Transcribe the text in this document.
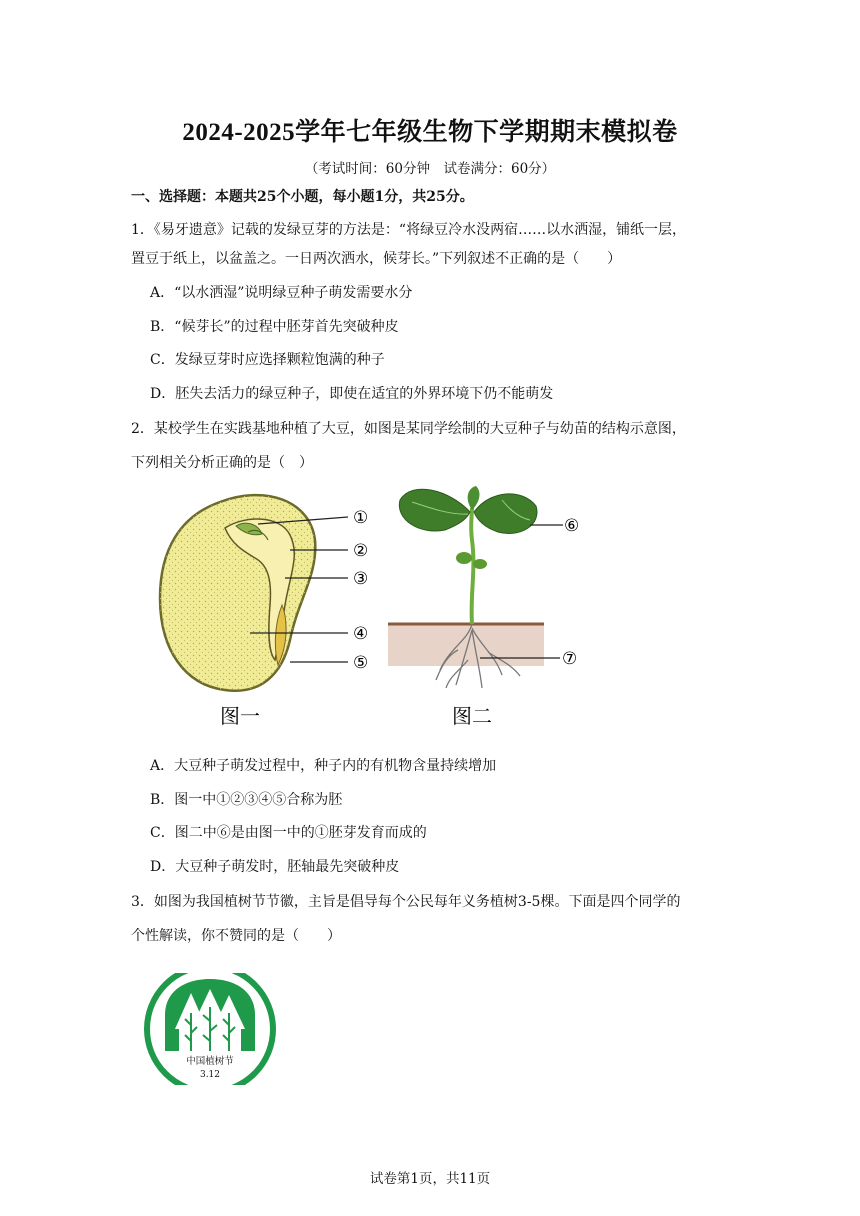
2024-2025学年七年级生物下学期期末模拟卷
（考试时间：60分钟　试卷满分：60分）
一、选择题：本题共25个小题，每小题1分，共25分。
1．《易牙遗意》记载的发绿豆芽的方法是：“将绿豆冷水没两宿……以水洒湿，铺纸一层，
置豆于纸上，以盆盖之。一日两次洒水，候芽长。”下列叙述不正确的是（　　）
A．“以水洒湿”说明绿豆种子萌发需要水分
B．“候芽长”的过程中胚芽首先突破种皮
C．发绿豆芽时应选择颗粒饱满的种子
D．胚失去活力的绿豆种子，即使在适宜的外界环境下仍不能萌发
2．某校学生在实践基地种植了大豆，如图是某同学绘制的大豆种子与幼苗的结构示意图，
下列相关分析正确的是（　）
①
②
③
④
⑤
图一
⑥
⑦
图二
A．大豆种子萌发过程中，种子内的有机物含量持续增加
B．图一中①②③④⑤合称为胚
C．图二中⑥是由图一中的①胚芽发育而成的
D．大豆种子萌发时，胚轴最先突破种皮
3．如图为我国植树节节徽，主旨是倡导每个公民每年义务植树3-5棵。下面是四个同学的
个性解读，你不赞同的是（　　）
中国植树节
3.12
试卷第1页，共11页
